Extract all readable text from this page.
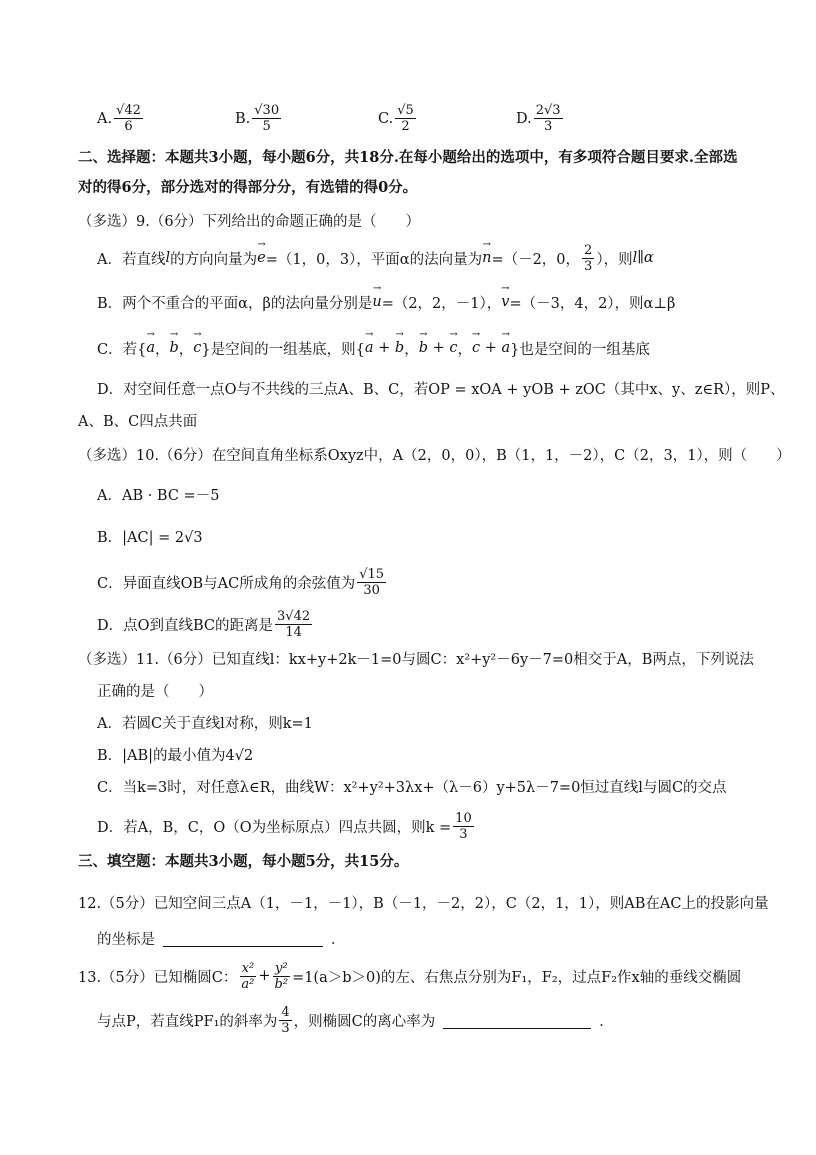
A. $\frac{√42}{6}$	B. $\frac{√30}{5}$	C. $\frac{√5}{2}$	D. $\frac{2√3}{3}$
二、选择题：本题共3小题，每小题6分，共18分.在每小题给出的选项中，有多项符合题目要求.全部选
对的得6分，部分选对的得部分分，有选错的得0分。
（多选）9.（6分）下列给出的命题正确的是（　　）
A．若直线 l 的方向向量为 → e =（1，0，3），平面α的法向量为 → n =（－2，0， $\frac{2}{3}$ ），则 l∥α
B．两个不重合的平面α，β的法向量分别是 → u =（2，2，－1）， → v =（－3，4，2），则α⊥β
C．若{ → a ， → b ， → c }是空间的一组基底，则{ → a + → b ， → b + → c ， → c + → a }也是空间的一组基底
D．对空间任意一点O与不共线的三点A、B、C，若OP = xOA + yOB + zOC（其中x、y、z∈R），则P、
A、B、C四点共面
（多选）10.（6分）在空间直角坐标系Oxyz中，A（2，0，0），B（1，1，－2），C（2，3，1），则（　　）
A．AB · BC =－5
B．|AC| = 2√3
C．异面直线OB与AC所成角的余弦值为 $\frac{√15}{30}$
D．点O到直线BC的距离是 $\frac{3√42}{14}$
（多选）11.（6分）已知直线l：kx+y+2k－1=0与圆C：x²+y²－6y－7=0相交于A，B两点，下列说法
正确的是（　　）
A．若圆C关于直线l对称，则k=1
B．|AB|的最小值为4√2
C．当k=3时，对任意λ∈R，曲线W：x²+y²+3λx+（λ－6）y+5λ－7=0恒过直线l与圆C的交点
D．若A，B，C，O（O为坐标原点）四点共圆，则$k = \frac{10}{3}$
三、填空题：本题共3小题，每小题5分，共15分。
12.（5分）已知空间三点A（1，－1，－1），B（－1，－2，2），C（2，1，1），则AB在AC上的投影向量
的坐标是	．
13.（5分）已知椭圆C： $\frac{\text{x²}}{\text{a²}} + \frac{\text{y²}}{\text{b²}} =1(a>b>0)$的左、右焦点分别为F₁，F₂，过点F₂作x轴的垂线交椭圆
与点P，若直线PF₁的斜率为 $\frac{4}{3}$ ，则椭圆C的离心率为	．
